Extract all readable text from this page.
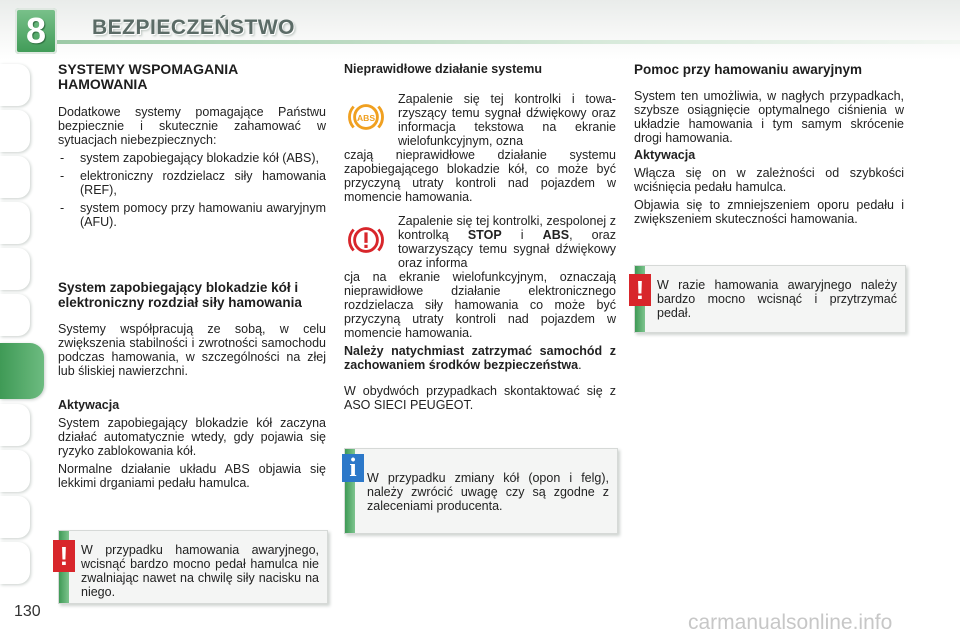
8	BEZPIECZEŃSTWO

SYSTEMY WSPOMAGANIA HAMOWANIA

Dodatkowe systemy pomagające Państwu bezpiecznie i skutecznie zahamować w sytuacjach niebezpiecznych:

- system zapobiegający blokadzie kół (ABS),

- elektroniczny rozdzielacz siły hamowania (REF),

- system pomocy przy hamowaniu awaryjnym (AFU).

System zapobiegający blokadzie kół i elektroniczny rozdział siły hamowania

Systemy współpracują ze sobą, w celu zwiększenia stabilności i zwrotności samochodu podczas hamowania, w szczególności na złej lub śliskiej nawierzchni.

Aktywacja

System zapobiegający blokadzie kół zaczyna działać automatycznie wtedy, gdy pojawia się ryzyko zablokowania kół.

Normalne działanie układu ABS objawia się lekkimi drganiami pedału hamulca.

W przypadku hamowania awaryjnego, wcisnąć bardzo mocno pedał hamulca nie zwalniając nawet na chwilę siły nacisku na niego.
!

Nieprawidłowe działanie systemu

ABS

Zapalenie się tej kontrolki i towarzyszący temu sygnał dźwiękowy oraz informacja tekstowa na ekranie wielofunkcyjnym, ozna

czają nieprawidłowe działanie systemu zapobiegającego blokadzie kół, co może być przyczyną utraty kontroli nad pojazdem w momencie hamowania.

Zapalenie się tej kontrolki, zespolonej z kontrolką STOP i ABS, oraz towarzyszący temu sygnał dźwiękowy oraz informa

cja na ekranie wielofunkcyjnym, oznaczają nieprawidłowe działanie elektronicznego rozdzielacza siły hamowania co może być przyczyną utraty kontroli nad pojazdem w momencie hamowania.

Należy natychmiast zatrzymać samochód z zachowaniem środków bezpieczeństwa.

W obydwóch przypadkach skontaktować się z ASO SIECI PEUGEOT.

W przypadku zmiany kół (opon i felg), należy zwrócić uwagę czy są zgodne z zaleceniami producenta.
i

Pomoc przy hamowaniu awaryjnym

System ten umożliwia, w nagłych przypadkach, szybsze osiągnięcie optymalnego ciśnienia w układzie hamowania i tym samym skrócenie drogi hamowania.

Aktywacja

Włącza się on w zależności od szybkości wciśnięcia pedału hamulca.

Objawia się to zmniejszeniem oporu pedału i zwiększeniem skuteczności hamowania.

W razie hamowania awaryjnego należy bardzo mocno wcisnąć i przytrzymać pedał.
!
130	carmanualsonline.info
